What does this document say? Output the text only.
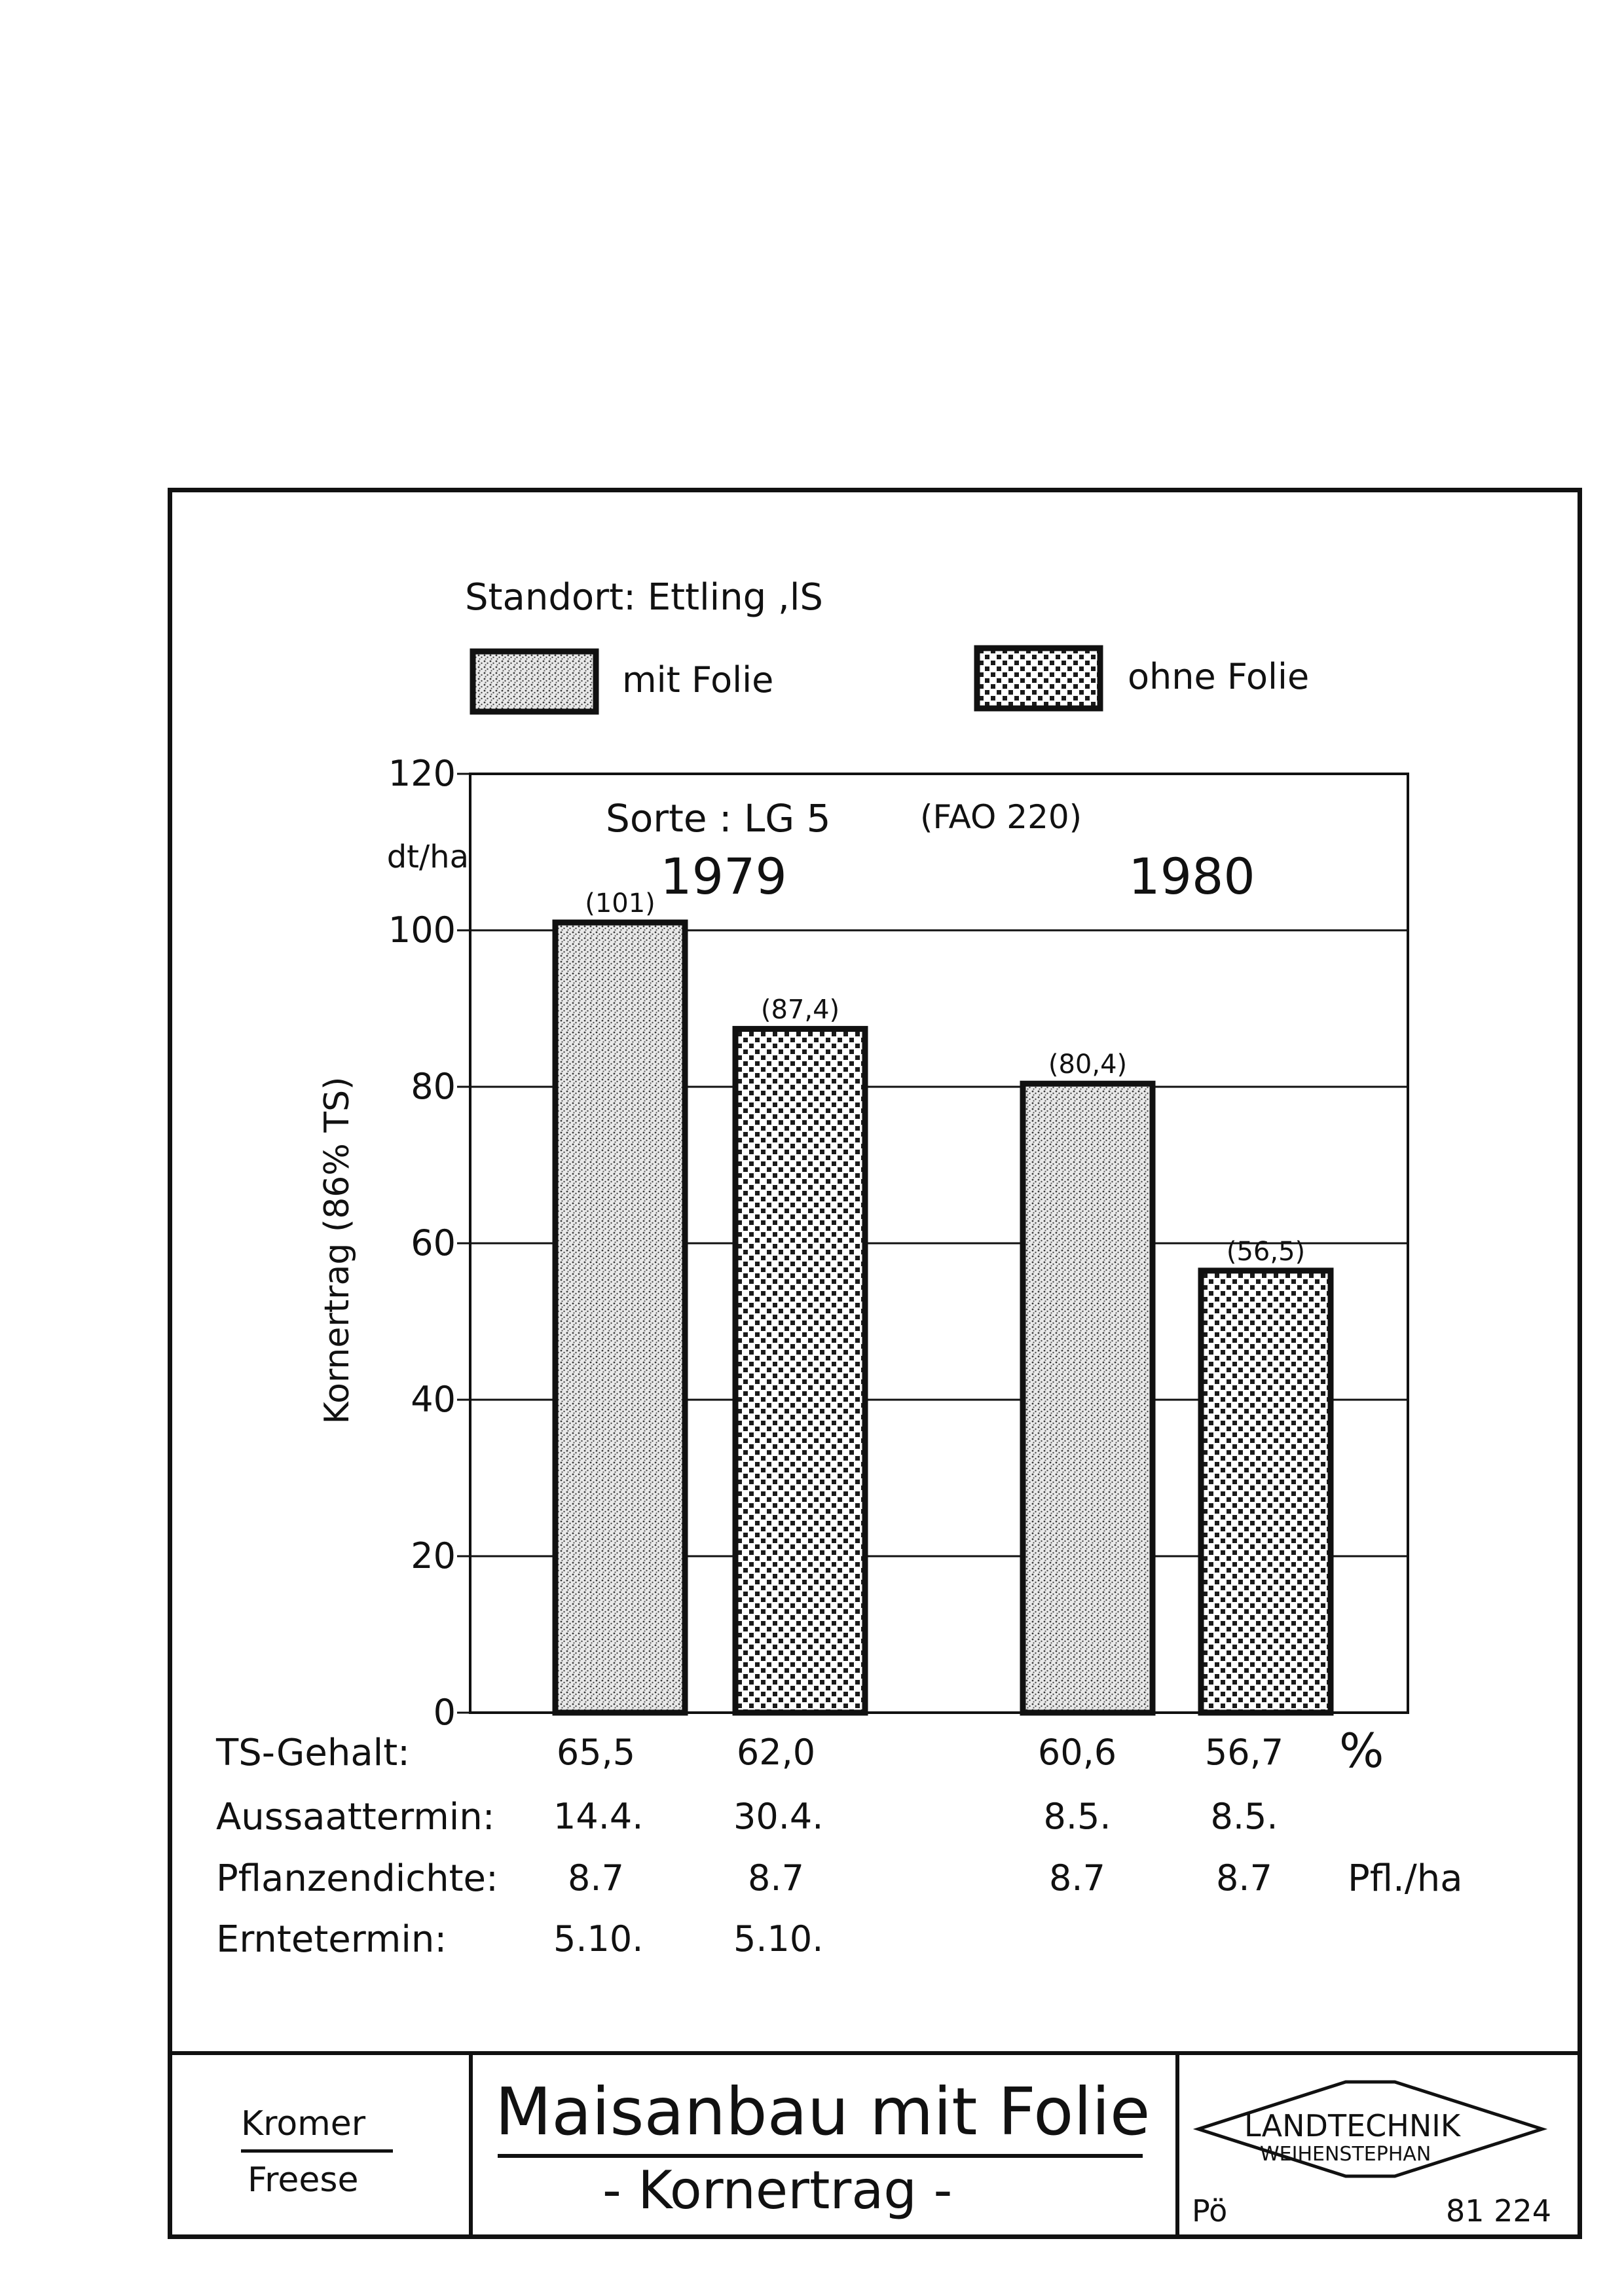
Standort: Ettling ,lS
mit Folie	ohne Folie
0
20
40
60
80
100
120
dt/ha
Kornertrag (86% TS)
Sorte : LG 5	(FAO 220)
1979
(101)
(87,4)
1980
(80,4)
(56,5)
TS-Gehalt:	65,5	62,0	60,6 56,7 %
Aussaattermin: 14.4.	30.4.	8.5.	8.5.
Pflanzendichte:	8.7	8.7	8.7	8.7	Pfl./ha
Erntetermin:	5.10.	5.10.
Kromer
Freese
Maisanbau mit Folie
- Kornertrag -
LANDTECHNIK
WEIHENSTEPHAN
Pö	81 224
